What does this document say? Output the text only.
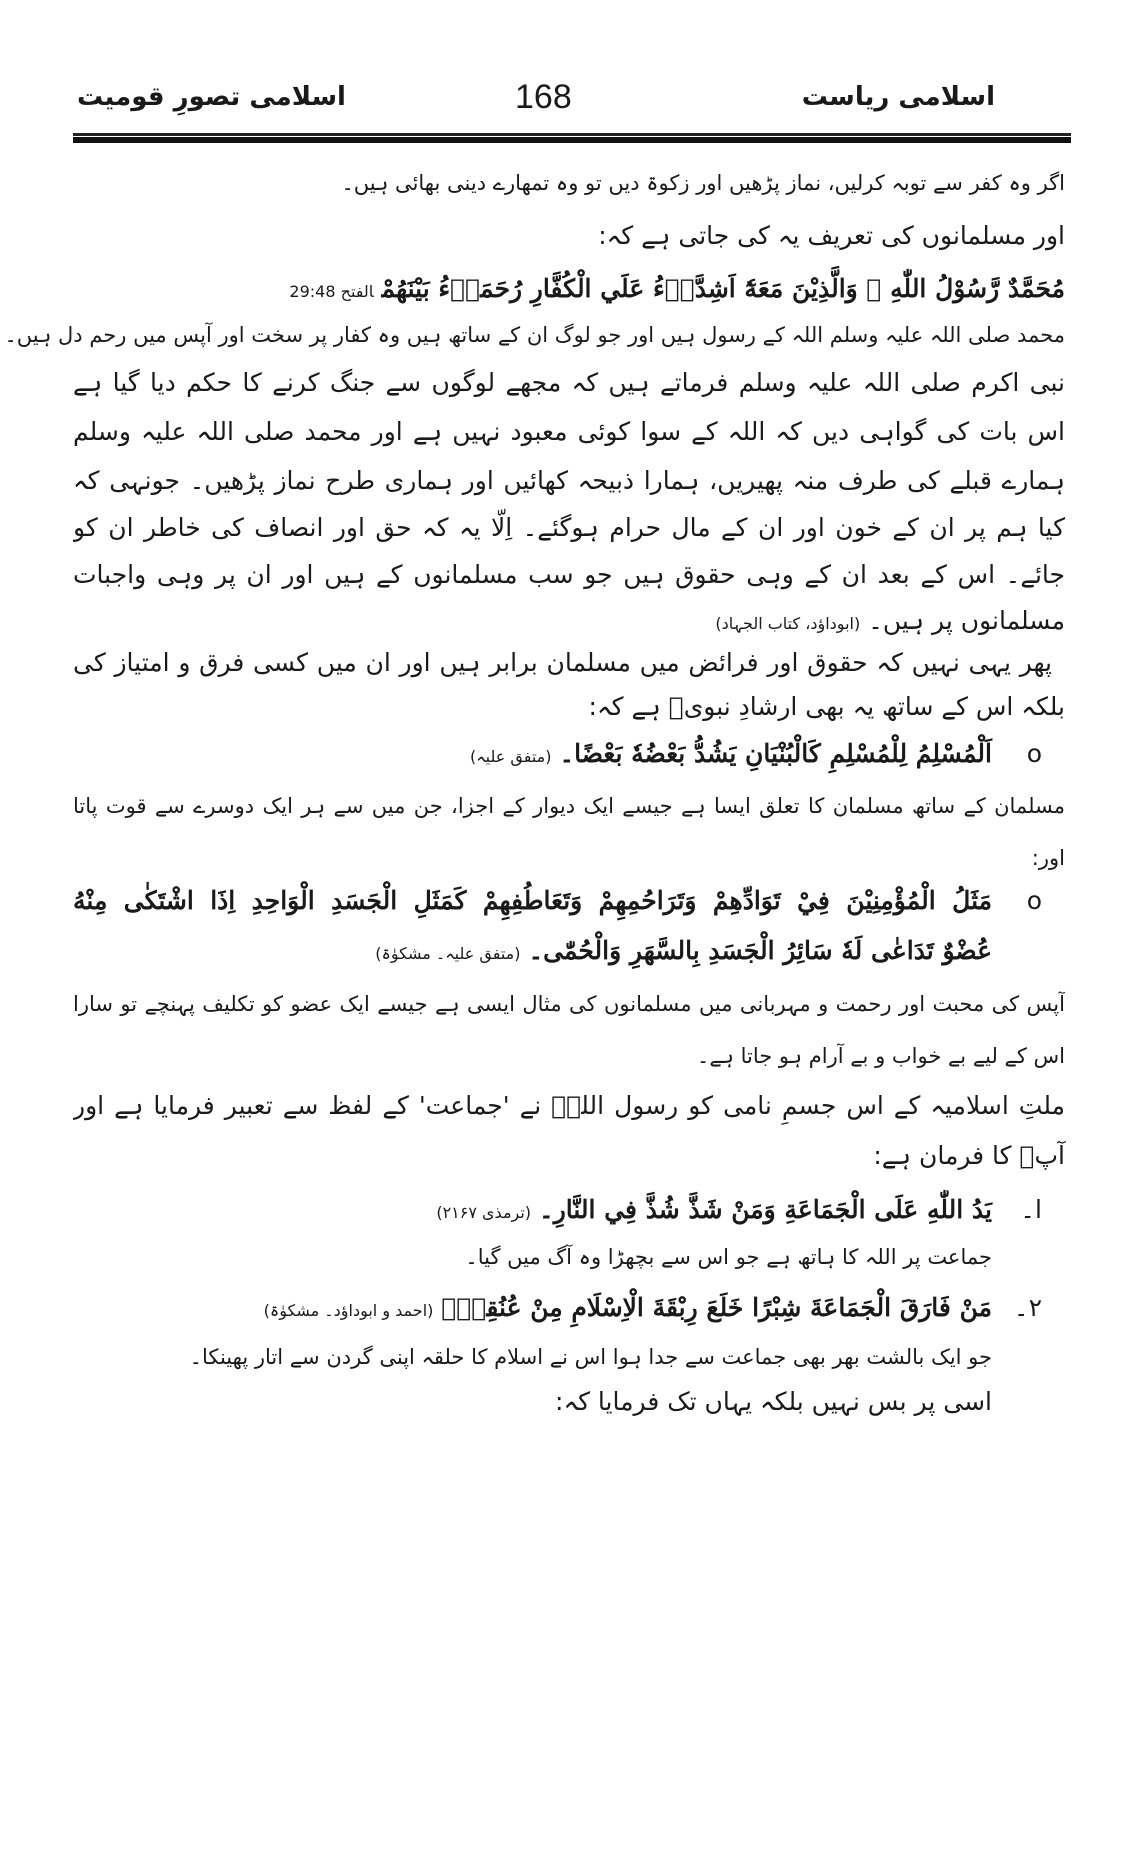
اسلامی ریاست
168
اسلامی تصورِ قومیت
اگر وہ کفر سے توبہ کرلیں، نماز پڑھیں اور زکوۃ دیں تو وہ تمھارے دینی بھائی ہیں۔
اور مسلمانوں کی تعریف یہ کی جاتی ہے کہ:
مُحَمَّدٌ رَّسُوْلُ اللّٰهِ ۭ وَالَّذِيْنَ مَعَهٗٓ اَشِدَّاۗءُ عَلَي الْكُفَّارِ رُحَمَاۗءُ بَيْنَهُمْالفتح 29:48
محمد صلی اللہ علیہ وسلم اللہ کے رسول ہیں اور جو لوگ ان کے ساتھ ہیں وہ کفار پر سخت اور آپس میں رحم دل ہیں۔
نبی اکرم صلی اللہ علیہ وسلم فرماتے ہیں کہ مجھے لوگوں سے جنگ کرنے کا حکم دیا گیا ہے
اس بات کی گواہی دیں کہ اللہ کے سوا کوئی معبود نہیں ہے اور محمد صلی اللہ علیہ وسلم
ہمارے قبلے کی طرف منہ پھیریں، ہمارا ذبیحہ کھائیں اور ہماری طرح نماز پڑھیں۔ جونہی کہ
کیا ہم پر ان کے خون اور ان کے مال حرام ہوگئے۔ اِلّا یہ کہ حق اور انصاف کی خاطر ان کو
جائے۔ اس کے بعد ان کے وہی حقوق ہیں جو سب مسلمانوں کے ہیں اور ان پر وہی واجبات
مسلمانوں پر ہیں۔(ابوداؤد، کتاب الجہاد)
پھر یہی نہیں کہ حقوق اور فرائض میں مسلمان برابر ہیں اور ان میں کسی فرق و امتیاز کی
بلکہ اس کے ساتھ یہ بھی ارشادِ نبویؐ ہے کہ:
oاَلْمُسْلِمُ لِلْمُسْلِمِ كَالْبُنْيَانِ يَشُدُّ بَعْضُهٗ بَعْضًا۔(متفق علیہ)
مسلمان کے ساتھ مسلمان کا تعلق ایسا ہے جیسے ایک دیوار کے اجزا، جن میں سے ہر ایک دوسرے سے قوت پاتا
اور:
oمَثَلُ الْمُؤْمِنِيْنَ فِيْ تَوَادِّهِمْ وَتَرَاحُمِهِمْ وَتَعَاطُفِهِمْ كَمَثَلِ الْجَسَدِ الْوَاحِدِ اِذَا اشْتَكٰى مِنْهُ
عُضْوٌ تَدَاعٰى لَهٗ سَائِرُ الْجَسَدِ بِالسَّهَرِ وَالْحُمّٰى۔(متفق علیہ۔ مشکوٰۃ)
آپس کی محبت اور رحمت و مہربانی میں مسلمانوں کی مثال ایسی ہے جیسے ایک عضو کو تکلیف پہنچے تو سارا
اس کے لیے بے خواب و بے آرام ہو جاتا ہے۔
ملتِ اسلامیہ کے اس جسمِ نامی کو رسول اللہؐ نے 'جماعت' کے لفظ سے تعبیر فرمایا ہے اور
آپؐ کا فرمان ہے:
ا۔يَدُ اللّٰهِ عَلَى الْجَمَاعَةِ وَمَنْ شَذَّ شُذَّ فِي النَّارِ۔(ترمذی ۲۱۶۷)
جماعت پر اللہ کا ہاتھ ہے جو اس سے بچھڑا وہ آگ میں گیا۔
۲۔مَنْ فَارَقَ الْجَمَاعَةَ شِبْرًا خَلَعَ رِبْقَةَ الْاِسْلَامِ مِنْ عُنُقِهٖ۔(احمد و ابوداؤد۔ مشکوٰۃ)
جو ایک بالشت بھر بھی جماعت سے جدا ہوا اس نے اسلام کا حلقہ اپنی گردن سے اتار پھینکا۔
اسی پر بس نہیں بلکہ یہاں تک فرمایا کہ:
